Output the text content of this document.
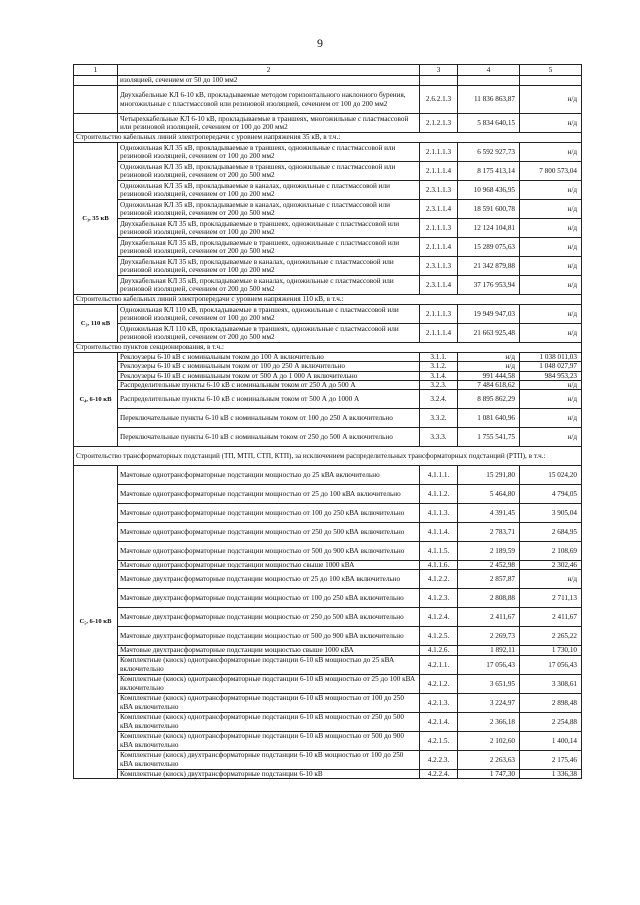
9
1	2	3	4	5
	изоляцией, сечением от 50 до 100 мм2			
	Двухкабельные КЛ 6-10 кВ, прокладываемые методом горизонтального наклонного бурения, многожильные с пластмассовой или резиновой изоляцией, сечением от 100 до 200 мм2	2.6.2.1.3	11 836 863,87	н/д
	Четырехкабельные КЛ 6-10 кВ, прокладываемые в траншеях, многожильные с пластмассовой или резиновой изоляцией, сечением от 100 до 200 мм2	2.1.2.1.3	5 834 640,15	н/д
Строительство кабельных линий электропередачи с уровнем напряжения 35 кВ, в т.ч.:				
C₃, 35 кВ	Одножильная КЛ 35 кВ, прокладываемые в траншеях, одножильные с пластмассовой или резиновой изоляцией, сечением от 100 до 200 мм2	2.1.1.1.3	6 592 927,73	н/д
	Одножильная КЛ 35 кВ, прокладываемые в траншеях, одножильные с пластмассовой или резиновой изоляцией, сечением от 200 до 500 мм2	2.1.1.1.4	8 175 413,14	7 800 573,04
	Одножильная КЛ 35 кВ, прокладываемые в каналах, одножильные с пластмассовой или резиновой изоляцией, сечением от 100 до 200 мм2	2.3.1.1.3	10 968 436,95	н/д
	Одножильная КЛ 35 кВ, прокладываемые в каналах, одножильные с пластмассовой или резиновой изоляцией, сечением от 200 до 500 мм2	2.3.1.1.4	18 591 600,78	н/д
	Двухкабельная КЛ 35 кВ, прокладываемые в траншеях, одножильные с пластмассовой или резиновой изоляцией, сечением от 100 до 200 мм2	2.1.1.1.3	12 124 104,81	н/д
	Двухкабельная КЛ 35 кВ, прокладываемые в траншеях, одножильные с пластмассовой или резиновой изоляцией, сечением от 200 до 500 мм2	2.1.1.1.4	15 289 075,63	н/д
	Двухкабельная КЛ 35 кВ, прокладываемые в каналах, одножильные с пластмассовой или резиновой изоляцией, сечением от 100 до 200 мм2	2.3.1.1.3	21 342 879,88	н/д
	Двухкабельная КЛ 35 кВ, прокладываемые в каналах, одножильные с пластмассовой или резиновой изоляцией, сечением от 200 до 500 мм2	2.3.1.1.4	37 176 953,94	н/д
Строительство кабельных линий электропередачи с уровнем напряжения 110 кВ, в т.ч.:				
C₃, 110 кВ	Одножильная КЛ 110 кВ, прокладываемые в траншеях, одножильные с пластмассовой или резиновой изоляцией, сечением от 100 до 200 мм2	2.1.1.1.3	19 949 947,03	н/д
	Одножильная КЛ 110 кВ, прокладываемые в траншеях, одножильные с пластмассовой или резиновой изоляцией, сечением от 200 до 500 мм2	2.1.1.1.4	21 663 925,48	н/д
Строительство пунктов секционирования, в т.ч.:				
C₄, 6-10 кВ	Реклоузеры 6-10 кВ с номинальным током до 100 А включительно	3.1.1.	н/д	1 038 011,03
	Реклоузеры 6-10 кВ с номинальным током от 100 до 250 А включительно	3.1.2.	н/д	1 048 027,97
	Реклоузеры 6-10 кВ с номинальным током от 500 А до 1 000 А включительно	3.1.4.	991 444,58	984 953,23
	Распределительные пункты 6-10 кВ с номинальным током от 250 А до 500 А	3.2.3.	7 484 618,62	н/д
	Распределительные пункты 6-10 кВ с номинальным током от 500 А до 1000 А	3.2.4.	8 895 862,29	н/д
	Переключательные пункты 6-10 кВ с номинальным током от 100 до 250 А включительно	3.3.2.	1 081 640,96	н/д
	Переключательные пункты 6-10 кВ с номинальным током от 250 до 500 А включительно	3.3.3.	1 755 541,75	н/д
Строительство трансформаторных подстанций (ТП, МТП, СТП, КТП), за исключением распределительных трансформаторных подстанций (РТП), в т.ч.:				
C₅, 6-10 кВ	Мачтовые однотрансформаторные подстанции мощностью до 25 кВА включительно	4.1.1.1.	15 291,80	15 024,20
	Мачтовые однотрансформаторные подстанции мощностью от 25 до 100 кВА включительно	4.1.1.2.	5 464,80	4 794,05
	Мачтовые однотрансформаторные подстанции мощностью от 100 до 250 кВА включительно	4.1.1.3.	4 391,45	3 905,04
	Мачтовые однотрансформаторные подстанции мощностью от 250 до 500 кВА включительно	4.1.1.4.	2 783,71	2 684,95
	Мачтовые однотрансформаторные подстанции мощностью от 500 до 900 кВА включительно	4.1.1.5.	2 189,59	2 108,69
	Мачтовые однотрансформаторные подстанции мощностью свыше 1000 кВА	4.1.1.6.	2 452,98	2 302,46
	Мачтовые двухтрансформаторные подстанции мощностью от 25 до 100 кВА включительно	4.1.2.2.	2 857,87	н/д
	Мачтовые двухтрансформаторные подстанции мощностью от 100 до 250 кВА включительно	4.1.2.3.	2 808,88	2 711,13
	Мачтовые двухтрансформаторные подстанции мощностью от 250 до 500 кВА включительно	4.1.2.4.	2 411,67	2 411,67
	Мачтовые двухтрансформаторные подстанции мощностью от 500 до 900 кВА включительно	4.1.2.5.	2 269,73	2 265,22
	Мачтовые двухтрансформаторные подстанции мощностью свыше 1000 кВА	4.1.2.6.	1 892,11	1 730,10
	Комплектные (киоск) однотрансформаторные подстанции 6-10 кВ мощностью до 25 кВА включительно	4.2.1.1.	17 056,43	17 056,43
	Комплектные (киоск) однотрансформаторные подстанции 6-10 кВ мощностью от 25 до 100 кВА включительно	4.2.1.2.	3 651,95	3 308,61
	Комплектные (киоск) однотрансформаторные подстанции 6-10 кВ мощностью от 100 до 250 кВА включительно	4.2.1.3.	3 224,97	2 898,48
	Комплектные (киоск) однотрансформаторные подстанции 6-10 кВ мощностью от 250 до 500 кВА включительно	4.2.1.4.	2 366,18	2 254,88
	Комплектные (киоск) однотрансформаторные подстанции 6-10 кВ мощностью от 500 до 900 кВА включительно	4.2.1.5.	2 102,60	1 400,14
	Комплектные (киоск) двухтрансформаторные подстанции 6-10 кВ мощностью от 100 до 250 кВА включительно	4.2.2.3.	2 263,63	2 175,46
	Комплектные (киоск) двухтрансформаторные подстанции 6-10 кВ	4.2.2.4.	1 747,30	1 336,38
